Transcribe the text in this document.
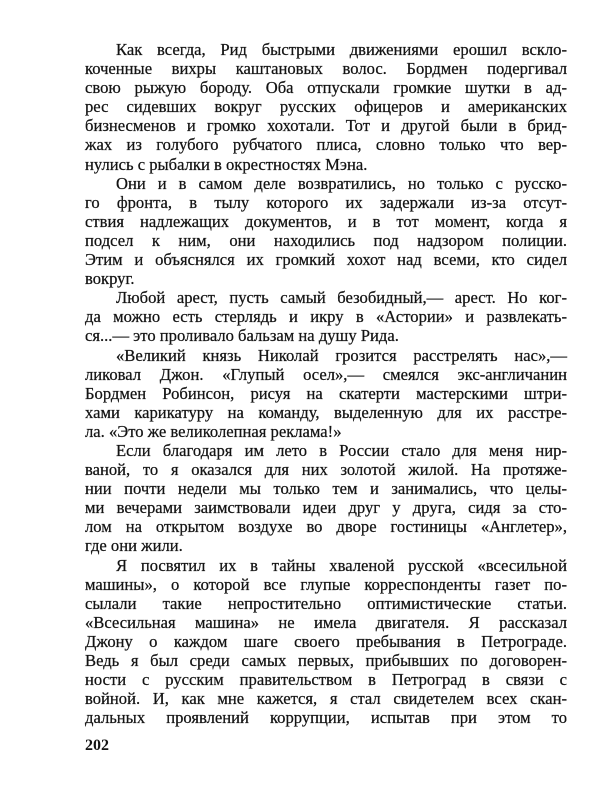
Как всегда, Рид быстрыми движениями ерошил вскло-
коченные вихры каштановых волос. Бордмен подергивал
свою рыжую бороду. Оба отпускали громкие шутки в ад-
рес сидевших вокруг русских офицеров и американских
бизнесменов и громко хохотали. Тот и другой были в брид-
жах из голубого рубчатого плиса, словно только что вер-
нулись с рыбалки в окрестностях Мэна.
Они и в самом деле возвратились, но только с русско-
го фронта, в тылу которого их задержали из-за отсут-
ствия надлежащих документов, и в тот момент, когда я
подсел к ним, они находились под надзором полиции.
Этим и объяснялся их громкий хохот над всеми, кто сидел
вокруг.
Любой арест, пусть самый безобидный,— арест. Но ког-
да можно есть стерлядь и икру в «Астории» и развлекать-
ся...— это проливало бальзам на душу Рида.
«Великий князь Николай грозится расстрелять нас»,—
ликовал Джон. «Глупый осел»,— смеялся экс-англичанин
Бордмен Робинсон, рисуя на скатерти мастерскими штри-
хами карикатуру на команду, выделенную для их расстре-
ла. «Это же великолепная реклама!»
Если благодаря им лето в России стало для меня нир-
ваной, то я оказался для них золотой жилой. На протяже-
нии почти недели мы только тем и занимались, что целы-
ми вечерами заимствовали идеи друг у друга, сидя за сто-
лом на открытом воздухе во дворе гостиницы «Англетер»,
где они жили.
Я посвятил их в тайны хваленой русской «всесильной
машины», о которой все глупые корреспонденты газет по-
сылали такие непростительно оптимистические статьи.
«Всесильная машина» не имела двигателя. Я рассказал
Джону о каждом шаге своего пребывания в Петрограде.
Ведь я был среди самых первых, прибывших по договорен-
ности с русским правительством в Петроград в связи с
войной. И, как мне кажется, я стал свидетелем всех скан-
дальных проявлений коррупции, испытав при этом то
202
